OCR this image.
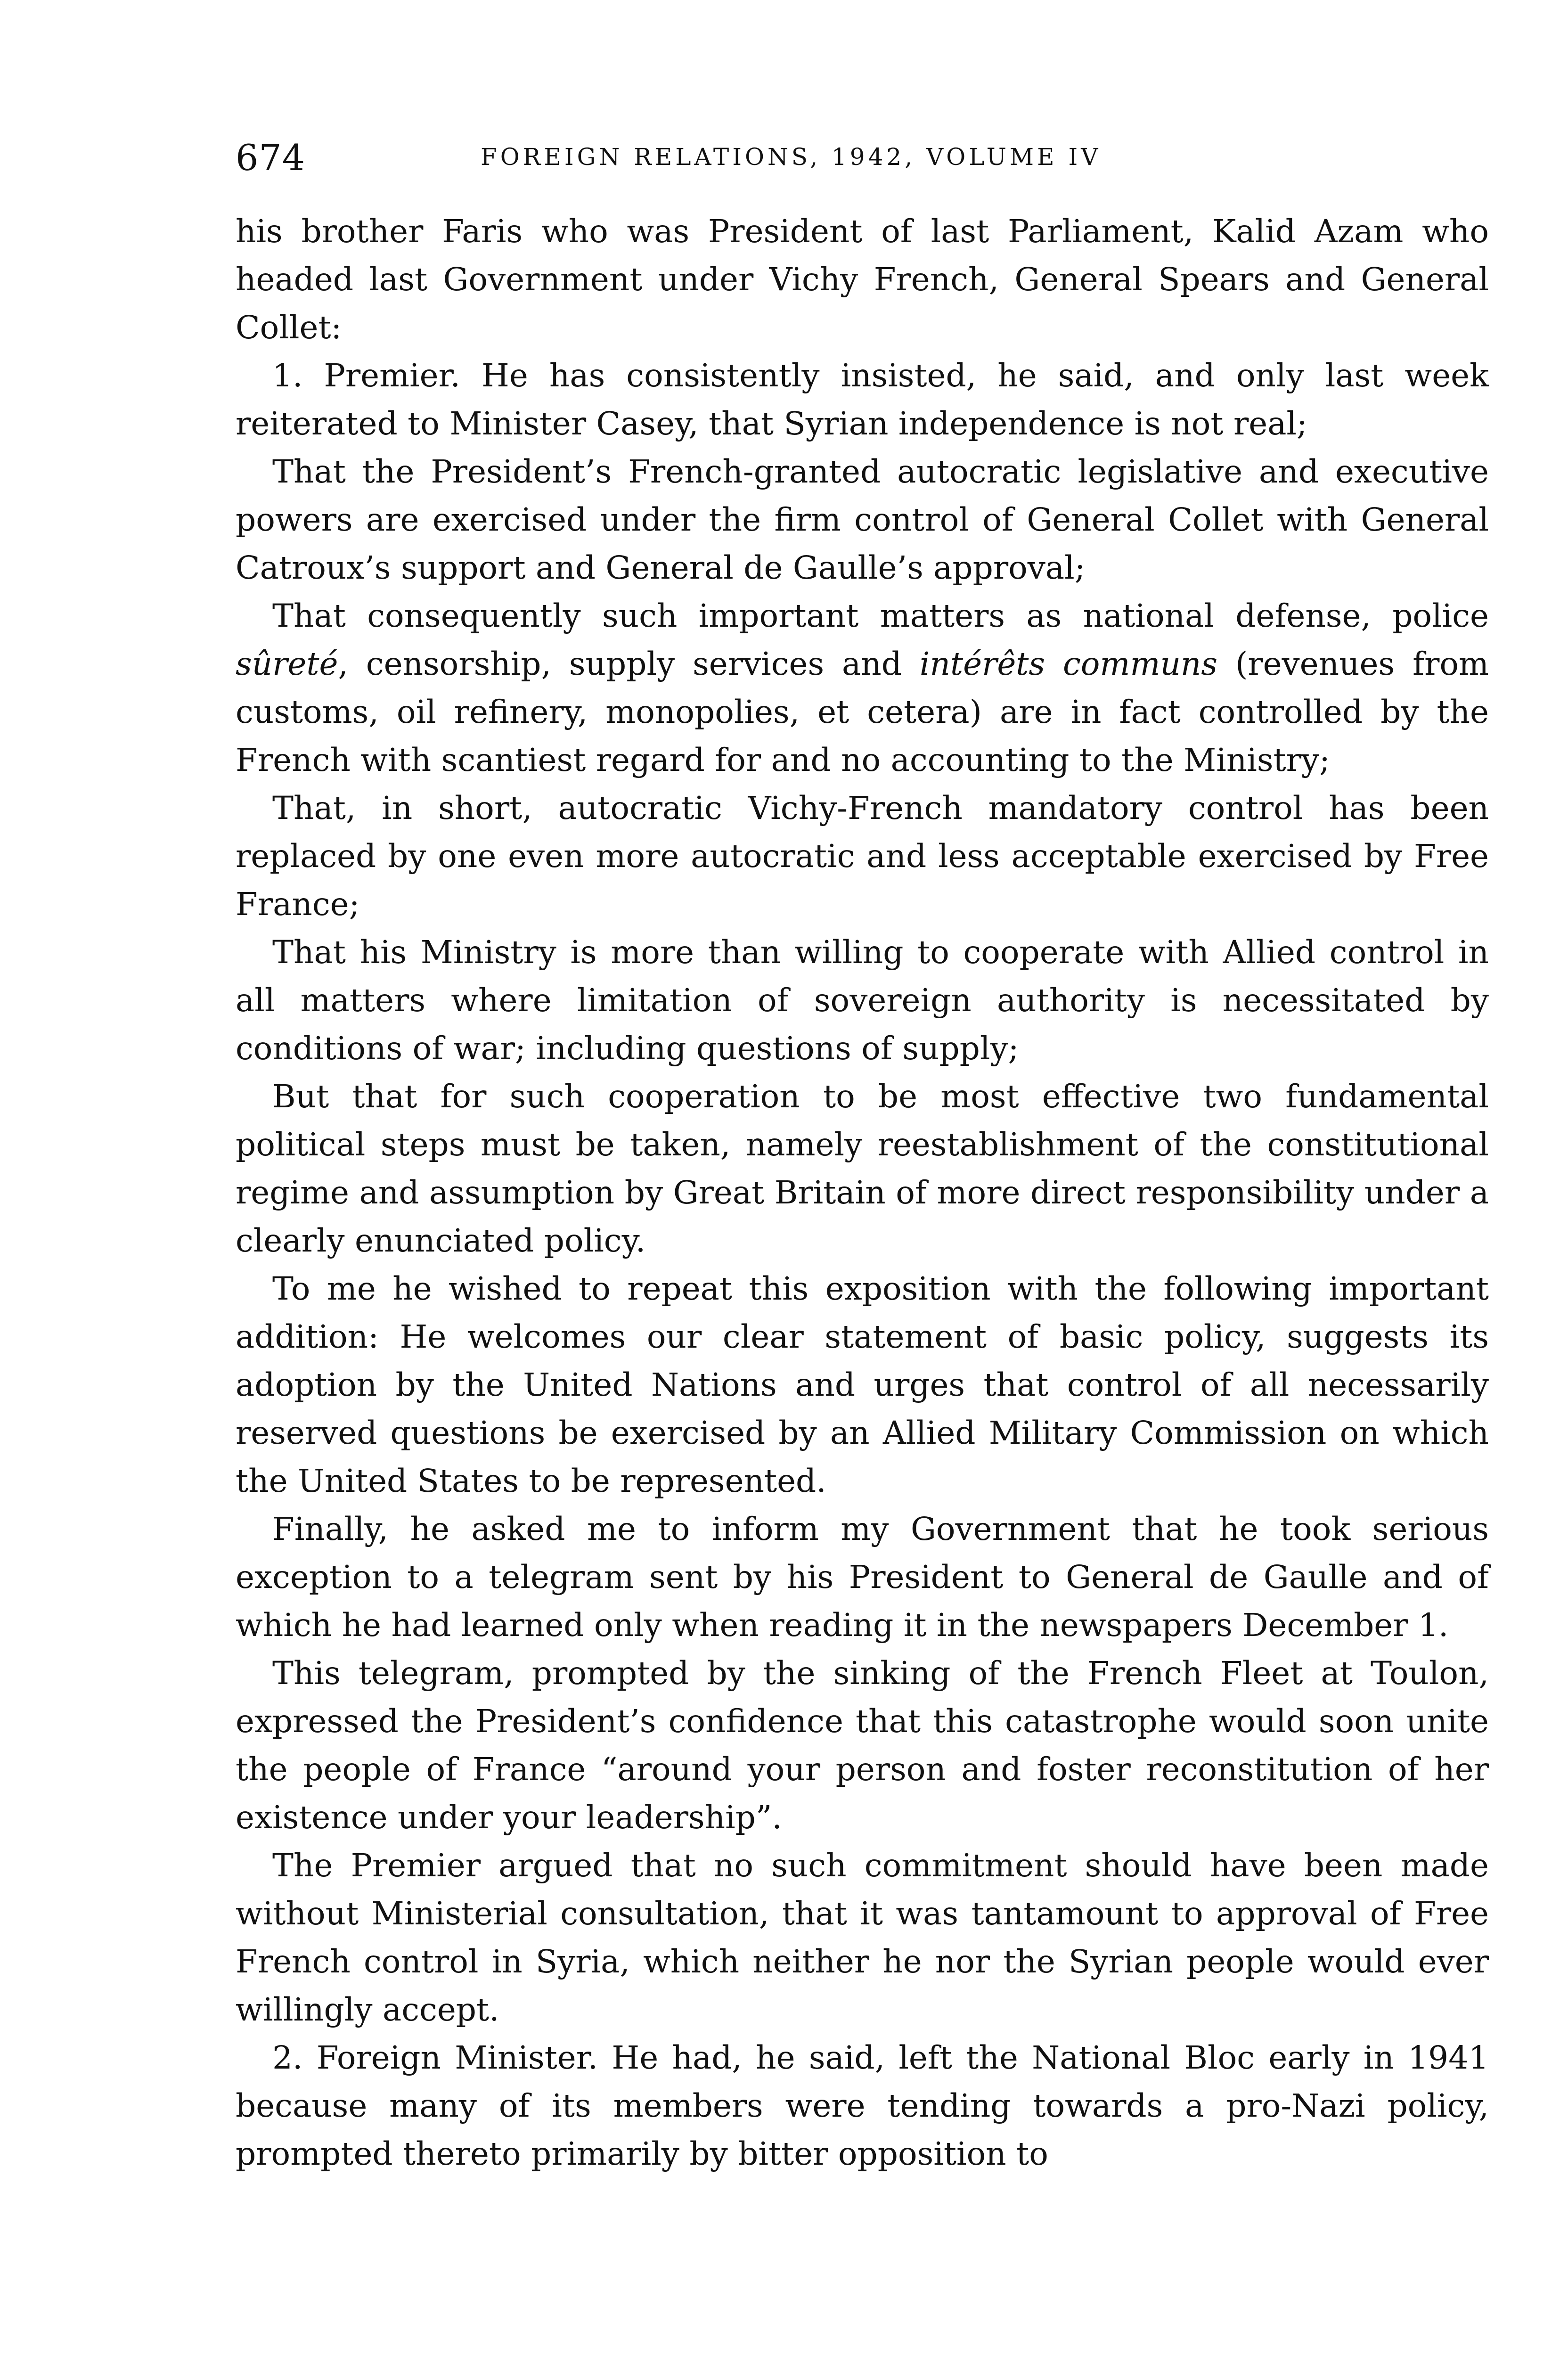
674	FOREIGN RELATIONS, 1942, VOLUME IV

his brother Faris who was President of last Parliament, Kalid Azam who headed last Government under Vichy French, General Spears and General Collet:

1. Premier. He has consistently insisted, he said, and only last week reiterated to Minister Casey, that Syrian independence is not real;

That the President’s French-granted autocratic legislative and executive powers are exercised under the firm control of General Collet with General Catroux’s support and General de Gaulle’s approval;

That consequently such important matters as national defense, police sûreté, censorship, supply services and intérêts communs (revenues from customs, oil refinery, monopolies, et cetera) are in fact controlled by the French with scantiest regard for and no accounting to the Ministry;

That, in short, autocratic Vichy-French mandatory control has been replaced by one even more autocratic and less acceptable exercised by Free France;

That his Ministry is more than willing to cooperate with Allied control in all matters where limitation of sovereign authority is necessitated by conditions of war; including questions of supply;

But that for such cooperation to be most effective two fundamental political steps must be taken, namely reestablishment of the constitutional regime and assumption by Great Britain of more direct responsibility under a clearly enunciated policy.

To me he wished to repeat this exposition with the following important addition: He welcomes our clear statement of basic policy, suggests its adoption by the United Nations and urges that control of all necessarily reserved questions be exercised by an Allied Military Commission on which the United States to be represented.

Finally, he asked me to inform my Government that he took serious exception to a telegram sent by his President to General de Gaulle and of which he had learned only when reading it in the newspapers December 1.

This telegram, prompted by the sinking of the French Fleet at Toulon, expressed the President’s confidence that this catastrophe would soon unite the people of France “around your person and foster reconstitution of her existence under your leadership”.

The Premier argued that no such commitment should have been made without Ministerial consultation, that it was tantamount to approval of Free French control in Syria, which neither he nor the Syrian people would ever willingly accept.

2. Foreign Minister. He had, he said, left the National Bloc early in 1941 because many of its members were tending towards a pro-Nazi policy, prompted thereto primarily by bitter opposition to
